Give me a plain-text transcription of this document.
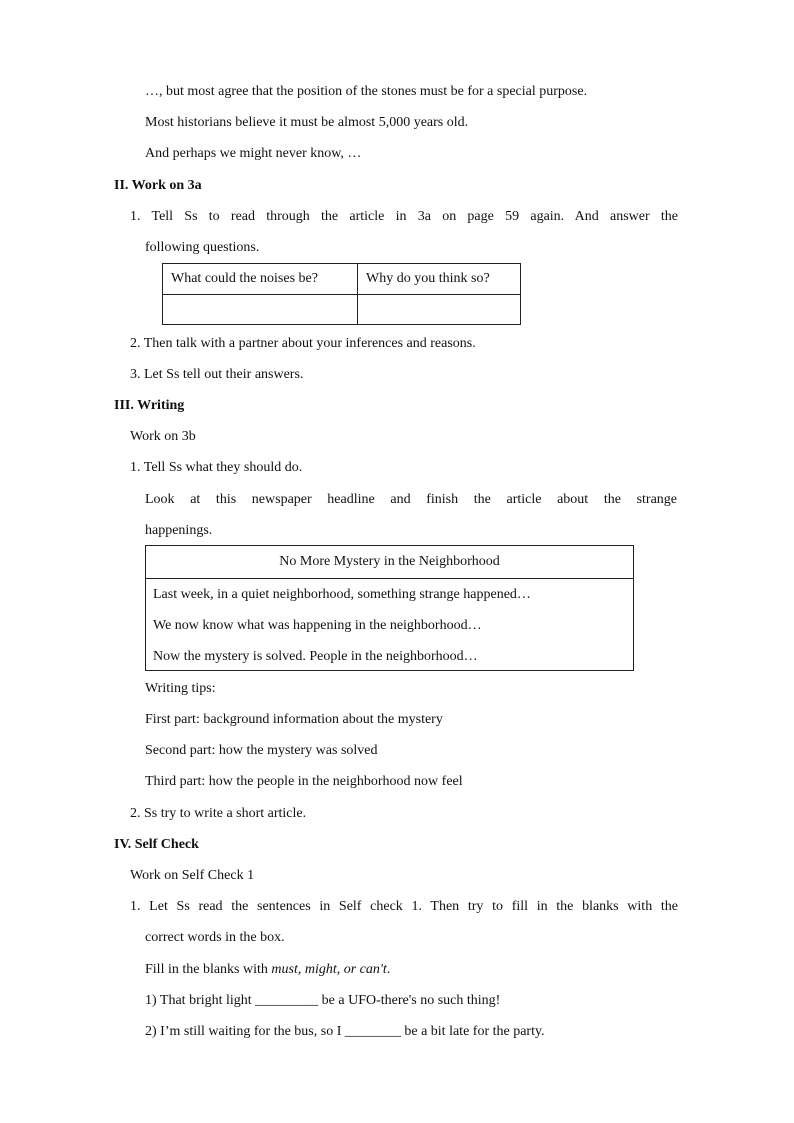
…, but most agree that the position of the stones must be for a special purpose.
Most historians believe it must be almost 5,000 years old.
And perhaps we might never know, …
II. Work on 3a
1. Tell Ss to read through the article in 3a on page 59 again. And answer the
following questions.
What could the noises be?	Why do you think so?

2. Then talk with a partner about your inferences and reasons.
3. Let Ss tell out their answers.
III. Writing
Work on 3b
1. Tell Ss what they should do.
Look at this newspaper headline and finish the article about the strange
happenings.
No More Mystery in the Neighborhood
Last week, in a quiet neighborhood, something strange happened…
We now know what was happening in the neighborhood…
Now the mystery is solved. People in the neighborhood…
Writing tips:
First part: background information about the mystery
Second part: how the mystery was solved
Third part: how the people in the neighborhood now feel
2. Ss try to write a short article.
IV. Self Check
Work on Self Check 1
1. Let Ss read the sentences in Self check 1. Then try to fill in the blanks with the
correct words in the box.
Fill in the blanks with must, might, or can't.
1) That bright light _________ be a UFO-there's no such thing!
2) I’m still waiting for the bus, so I ________ be a bit late for the party.
